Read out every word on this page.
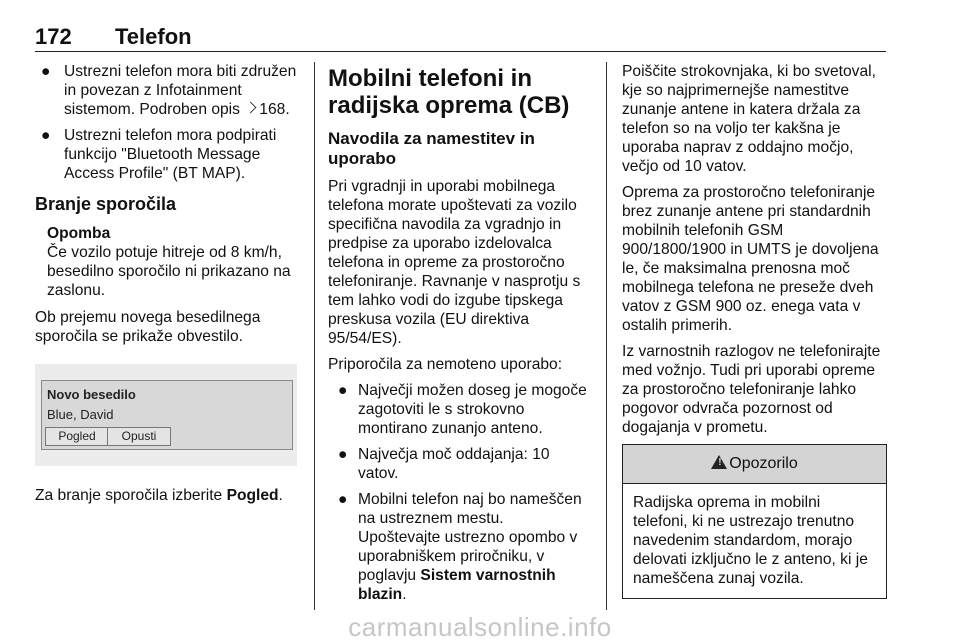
172 Telefon
● Ustrezni telefon mora biti združen in povezan z Infotainment sistemom. Podroben opis 168.
● Ustrezni telefon mora podpirati funkcijo "Bluetooth Message Access Profile" (BT MAP).
Branje sporočila
Opomba
Če vozilo potuje hitreje od 8 km/h, besedilno sporočilo ni prikazano na zaslonu.

Ob prejemu novega besedilnega sporočila se prikaže obvestilo.

Novo besedilo
Blue, David
Pogled	Opusti

Za branje sporočila izberite Pogled.

Mobilni telefoni in radijska oprema (CB)
Navodila za namestitev in uporabo

Pri vgradnji in uporabi mobilnega telefona morate upoštevati za vozilo specifična navodila za vgradnjo in predpise za uporabo izdelovalca telefona in opreme za prostoročno telefoniranje. Ravnanje v nasprotju s tem lahko vodi do izgube tipskega preskusa vozila (EU direktiva 95/54/ES).

Priporočila za nemoteno uporabo:

● Največji možen doseg je mogoče zagotoviti le s strokovno montirano zunanjo anteno.
● Največja moč oddajanja: 10 vatov.
● Mobilni telefon naj bo nameščen na ustreznem mestu. Upoštevajte ustrezno opombo v uporabniškem priročniku, v poglavju Sistem varnostnih blazin.

Poiščite strokovnjaka, ki bo svetoval, kje so najprimernejše namestitve zunanje antene in katera držala za telefon so na voljo ter kakšna je uporaba naprav z oddajno močjo, večjo od 10 vatov.

Oprema za prostoročno telefoniranje brez zunanje antene pri standardnih mobilnih telefonih GSM 900/1800/1900 in UMTS je dovoljena le, če maksimalna prenosna moč mobilnega telefona ne preseže dveh vatov z GSM 900 oz. enega vata v ostalih primerih.

Iz varnostnih razlogov ne telefonirajte med vožnjo. Tudi pri uporabi opreme za prostoročno telefoniranje lahko pogovor odvrača pozornost od dogajanja v prometu.

! Opozorilo

Radijska oprema in mobilni telefoni, ki ne ustrezajo trenutno navedenim standardom, morajo delovati izključno le z anteno, ki je nameščena zunaj vozila.

carmanualsonline.info
